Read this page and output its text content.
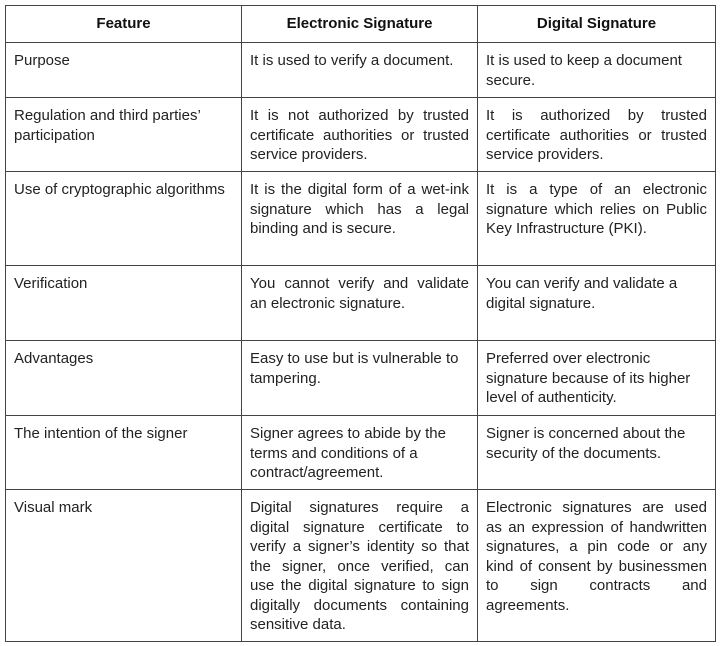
Feature	Electronic Signature	Digital Signature
Purpose	It is used to verify a document.	It is used to keep a document secure.
Regulation and third parties’ participation	It is not authorized by trusted certificate authorities or trusted service providers.	It is authorized by trusted certificate authorities or trusted service providers.
Use of cryptographic algorithms	It is the digital form of a wet-ink signature which has a legal binding and is secure.	It is a type of an electronic signature which relies on Public Key Infrastructure (PKI).
Verification	You cannot verify and validate an electronic signature.	You can verify and validate a digital signature.
Advantages	Easy to use but is vulnerable to tampering.	Preferred over electronic signature because of its higher level of authenticity.
The intention of the signer	Signer agrees to abide by the terms and conditions of a contract/agreement.	Signer is concerned about the security of the documents.
Visual mark	Digital signatures require a digital signature certificate to verify a signer’s identity so that the signer, once verified, can use the digital signature to sign digitally documents containing sensitive data.	Electronic signatures are used as an expression of handwritten signatures, a pin code or any kind of consent by businessmen to sign contracts and agreements.
